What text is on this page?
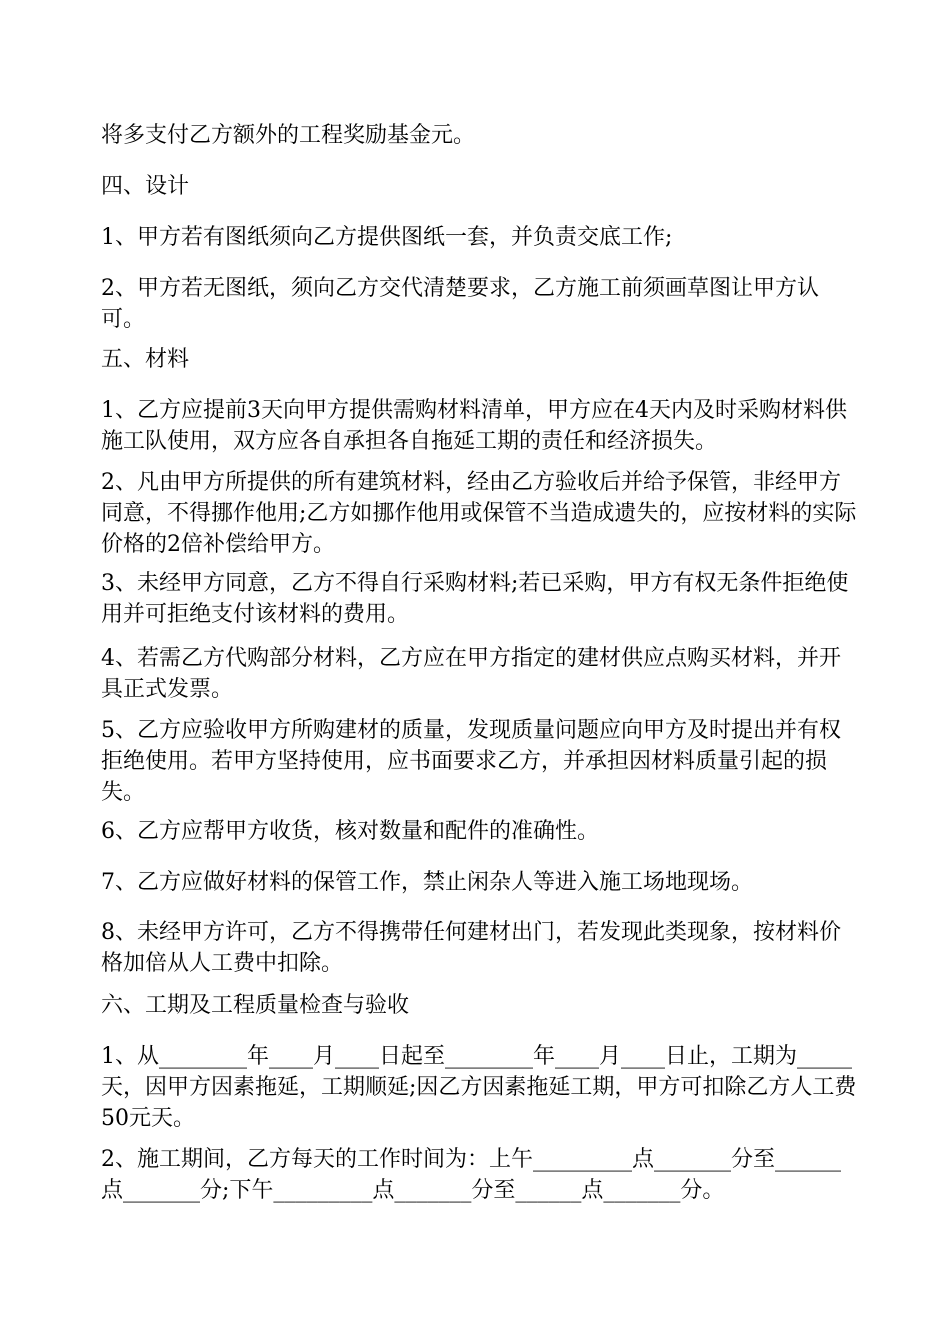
将多支付乙方额外的工程奖励基金元。

四、设计

1、甲方若有图纸须向乙方提供图纸一套，并负责交底工作;

2、甲方若无图纸，须向乙方交代清楚要求，乙方施工前须画草图让甲方认可。

五、材料

1、乙方应提前3天向甲方提供需购材料清单，甲方应在4天内及时采购材料供施工队使用，双方应各自承担各自拖延工期的责任和经济损失。

2、凡由甲方所提供的所有建筑材料，经由乙方验收后并给予保管，非经甲方同意，不得挪作他用;乙方如挪作他用或保管不当造成遗失的，应按材料的实际价格的2倍补偿给甲方。

3、未经甲方同意，乙方不得自行采购材料;若已采购，甲方有权无条件拒绝使用并可拒绝支付该材料的费用。

4、若需乙方代购部分材料，乙方应在甲方指定的建材供应点购买材料，并开具正式发票。

5、乙方应验收甲方所购建材的质量，发现质量问题应向甲方及时提出并有权拒绝使用。若甲方坚持使用，应书面要求乙方，并承担因材料质量引起的损失。

6、乙方应帮甲方收货，核对数量和配件的准确性。

7、乙方应做好材料的保管工作，禁止闲杂人等进入施工场地现场。

8、未经甲方许可，乙方不得携带任何建材出门，若发现此类现象，按材料价格加倍从人工费中扣除。

六、工期及工程质量检查与验收

1、从________年____月____日起至________年____月____日止，工期为_____天，因甲方因素拖延，工期顺延;因乙方因素拖延工期，甲方可扣除乙方人工费50元天。

2、施工期间，乙方每天的工作时间为：上午_________点_______分至______点_______分;下午_________点_______分至______点_______分。
